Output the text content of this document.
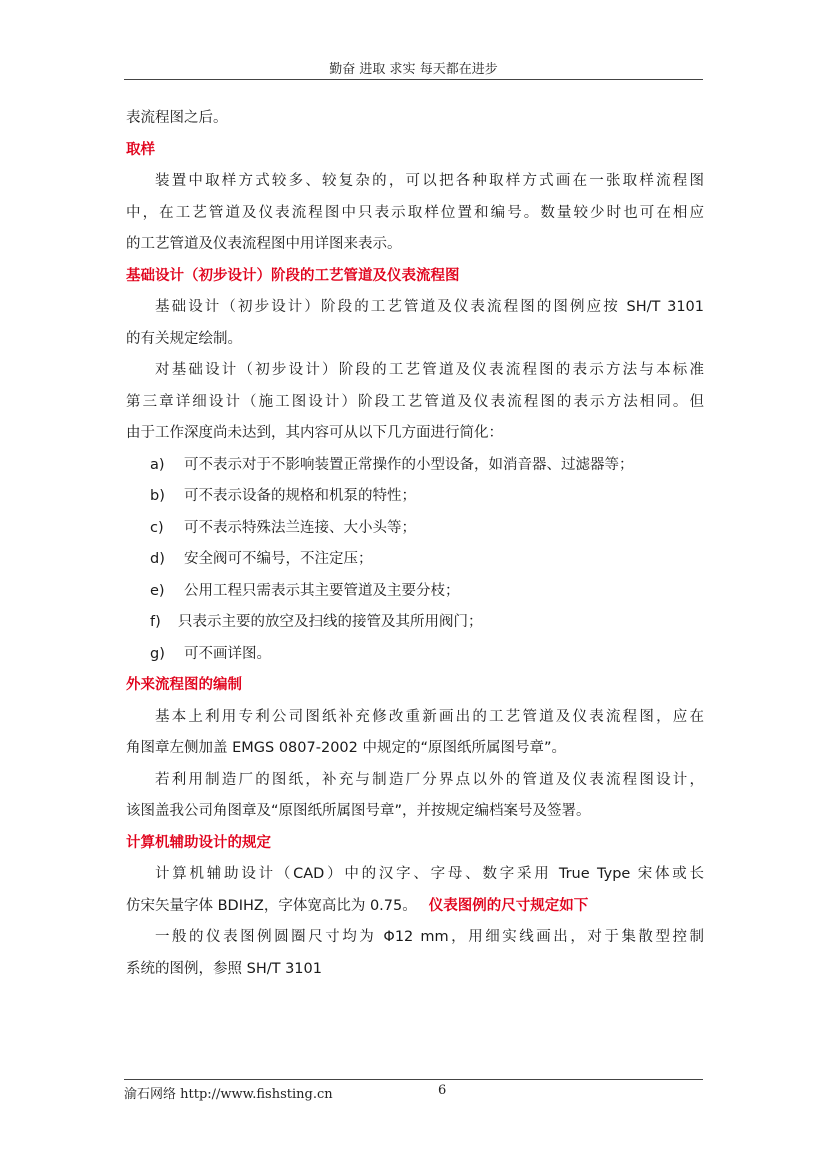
勤奋 进取 求实 每天都在进步

表流程图之后。

取样

装置中取样方式较多、较复杂的，可以把各种取样方式画在一张取样流程图

中，在工艺管道及仪表流程图中只表示取样位置和编号。数量较少时也可在相应

的工艺管道及仪表流程图中用详图来表示。

基础设计（初步设计）阶段的工艺管道及仪表流程图

基础设计（初步设计）阶段的工艺管道及仪表流程图的图例应按 SH/T 3101

的有关规定绘制。

对基础设计（初步设计）阶段的工艺管道及仪表流程图的表示方法与本标准

第三章详细设计（施工图设计）阶段工艺管道及仪表流程图的表示方法相同。但

由于工作深度尚未达到，其内容可从以下几方面进行简化：

a) 可不表示对于不影响装置正常操作的小型设备，如消音器、过滤器等；

b) 可不表示设备的规格和机泵的特性；

c) 可不表示特殊法兰连接、大小头等；

d) 安全阀可不编号，不注定压；

e) 公用工程只需表示其主要管道及主要分枝；

f) 只表示主要的放空及扫线的接管及其所用阀门；

g) 可不画详图。

外来流程图的编制

基本上利用专利公司图纸补充修改重新画出的工艺管道及仪表流程图，应在

角图章左侧加盖 EMGS 0807-2002 中规定的“原图纸所属图号章”。

若利用制造厂的图纸，补充与制造厂分界点以外的管道及仪表流程图设计，

该图盖我公司角图章及“原图纸所属图号章”，并按规定编档案号及签署。

计算机辅助设计的规定

计算机辅助设计（CAD）中的汉字、字母、数字采用 True Type 宋体或长

仿宋矢量字体 BDIHZ，字体宽高比为 0.75。 仪表图例的尺寸规定如下

一般的仪表图例圆圈尺寸均为 Φ12 mm，用细实线画出，对于集散型控制

系统的图例，参照 SH/T 3101

渝石网络 http://www.fishsting.cn	6
